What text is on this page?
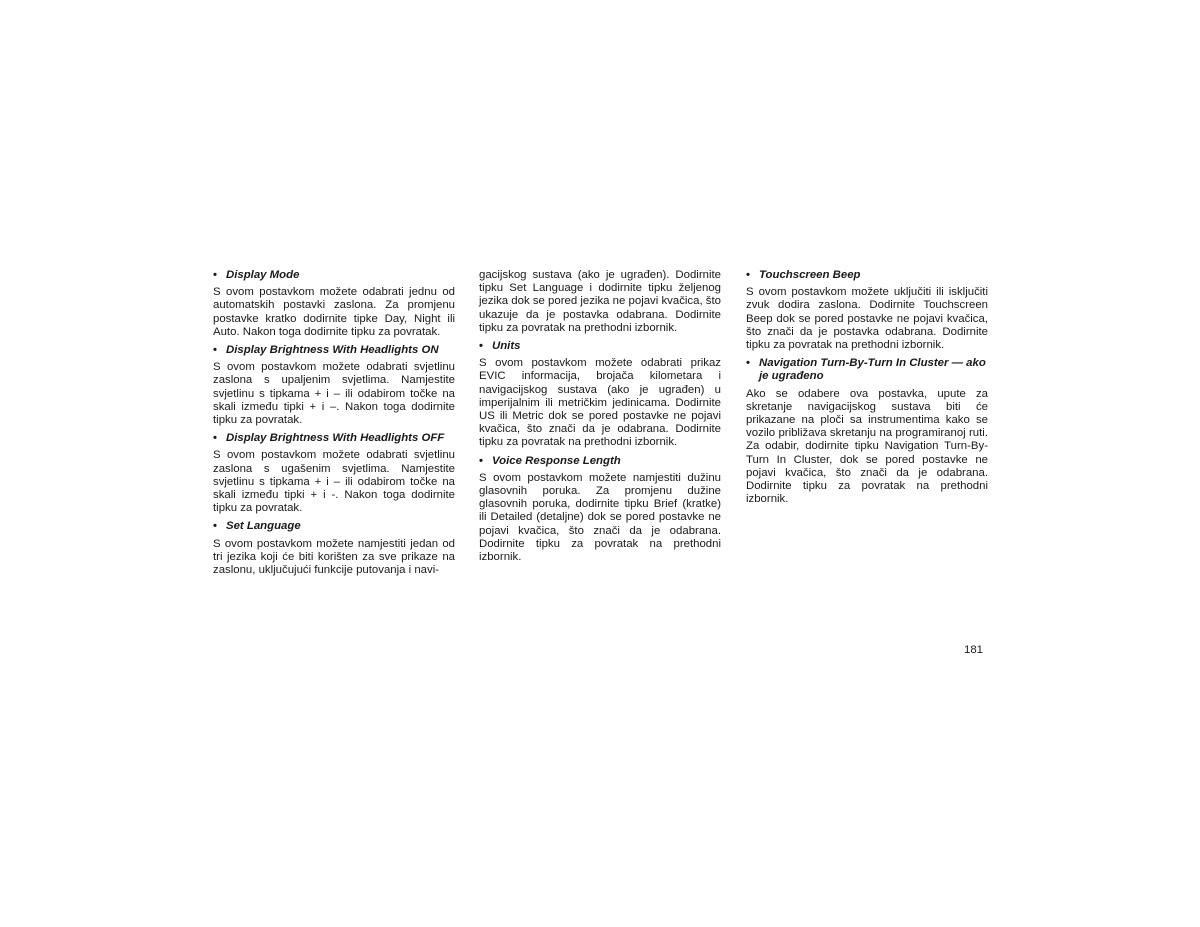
• Display Mode

S ovom postavkom možete odabrati jednu od automatskih postavki zaslona. Za promjenu postavke kratko dodirnite tipke Day, Night ili Auto. Nakon toga dodirnite tipku za povratak.

• Display Brightness With Headlights ON

S ovom postavkom možete odabrati svjetlinu zaslona s upaljenim svjetlima. Namjestite svjetlinu s tipkama + i – ili odabirom točke na skali između tipki + i –. Nakon toga dodirnite tipku za povratak.

• Display Brightness With Headlights OFF

S ovom postavkom možete odabrati svjetlinu zaslona s ugašenim svjetlima. Namjestite svjetlinu s tipkama + i – ili odabirom točke na skali između tipki + i -. Nakon toga dodirnite tipku za povratak.

• Set Language

S ovom postavkom možete namjestiti jedan od tri jezika koji će biti korišten za sve prikaze na zaslonu, uključujući funkcije putovanja i navi-

gacijskog sustava (ako je ugrađen). Dodirnite tipku Set Language i dodirnite tipku željenog jezika dok se pored jezika ne pojavi kvačica, što ukazuje da je postavka odabrana. Dodirnite tipku za povratak na prethodni izbornik.

• Units

S ovom postavkom možete odabrati prikaz EVIC informacija, brojača kilometara i navigacijskog sustava (ako je ugrađen) u imperijalnim ili metričkim jedinicama. Dodirnite US ili Metric dok se pored postavke ne pojavi kvačica, što znači da je odabrana. Dodirnite tipku za povratak na prethodni izbornik.

• Voice Response Length

S ovom postavkom možete namjestiti dužinu glasovnih poruka. Za promjenu dužine glasovnih poruka, dodirnite tipku Brief (kratke) ili Detailed (detaljne) dok se pored postavke ne pojavi kvačica, što znači da je odabrana. Dodirnite tipku za povratak na prethodni izbornik.

• Touchscreen Beep

S ovom postavkom možete uključiti ili isključiti zvuk dodira zaslona. Dodirnite Touchscreen Beep dok se pored postavke ne pojavi kvačica, što znači da je postavka odabrana. Dodirnite tipku za povratak na prethodni izbornik.

• Navigation Turn-By-Turn In Cluster — ako je ugrađeno

Ako se odabere ova postavka, upute za skretanje navigacijskog sustava biti će prikazane na ploči sa instrumentima kako se vozilo približava skretanju na programiranoj ruti. Za odabir, dodirnite tipku Navigation Turn-By-Turn In Cluster, dok se pored postavke ne pojavi kvačica, što znači da je odabrana. Dodirnite tipku za povratak na prethodni izbornik.

181
